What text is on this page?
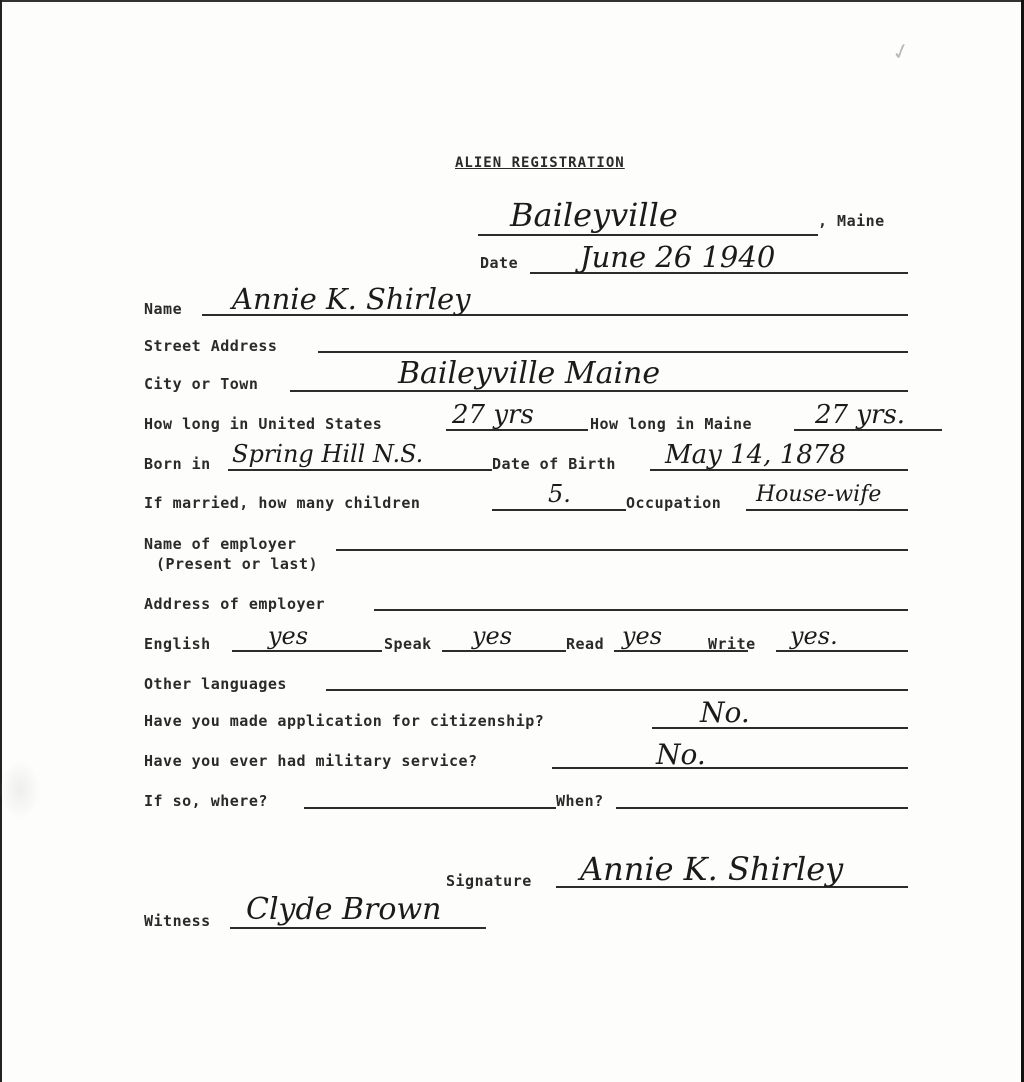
✓
ALIEN REGISTRATION
Baileyville	, Maine
Date June 26 1940
Name Annie K. Shirley
Street Address
City or Town	Baileyville Maine
How long in United States	27 yrs	How long in Maine 27 yrs.
Born in Spring Hill N.S.	Date of Birth May 14, 1878
If married, how many children	5.	Occupation House-wife
Name of employer
(Present or last)
Address of employer
English yes	Speak yes	Read yes	Write yes.
Other languages
Have you made application for citizenship?	No.
Have you ever had military service?	No.
If so, where?	When?
Signature Annie K. Shirley
Witness Clyde Brown
